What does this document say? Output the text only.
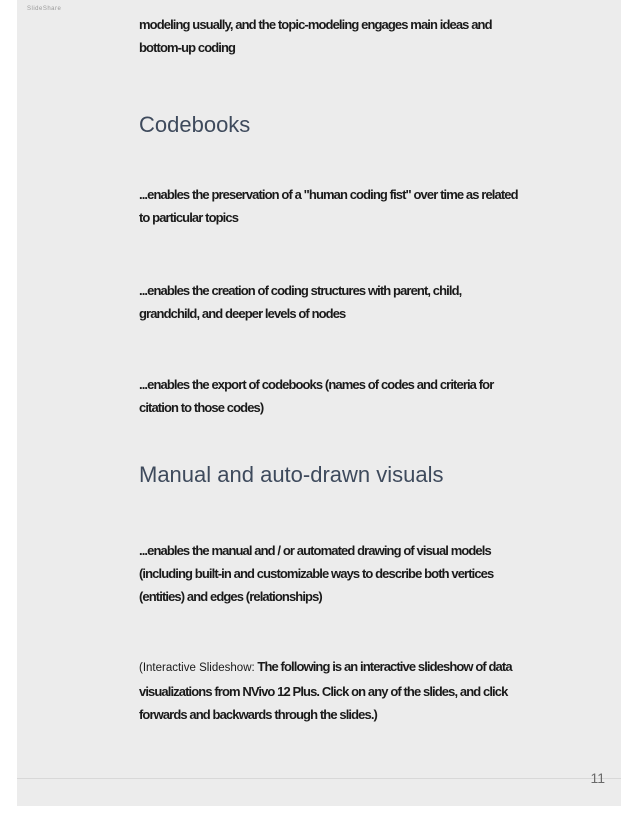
SlideShare

modeling usually, and the topic-modeling engages main ideas and bottom-up coding

Codebooks

...enables the preservation of a "human coding fist" over time as related to particular topics

...enables the creation of coding structures with parent, child, grandchild, and deeper levels of nodes

...enables the export of codebooks (names of codes and criteria for citation to those codes)

Manual and auto-drawn visuals

...enables the manual and / or automated drawing of visual models (including built-in and customizable ways to describe both vertices (entities) and edges (relationships)

(Interactive Slideshow: The following is an interactive slideshow of data visualizations from NVivo 12 Plus. Click on any of the slides, and click forwards and backwards through the slides.)

11
